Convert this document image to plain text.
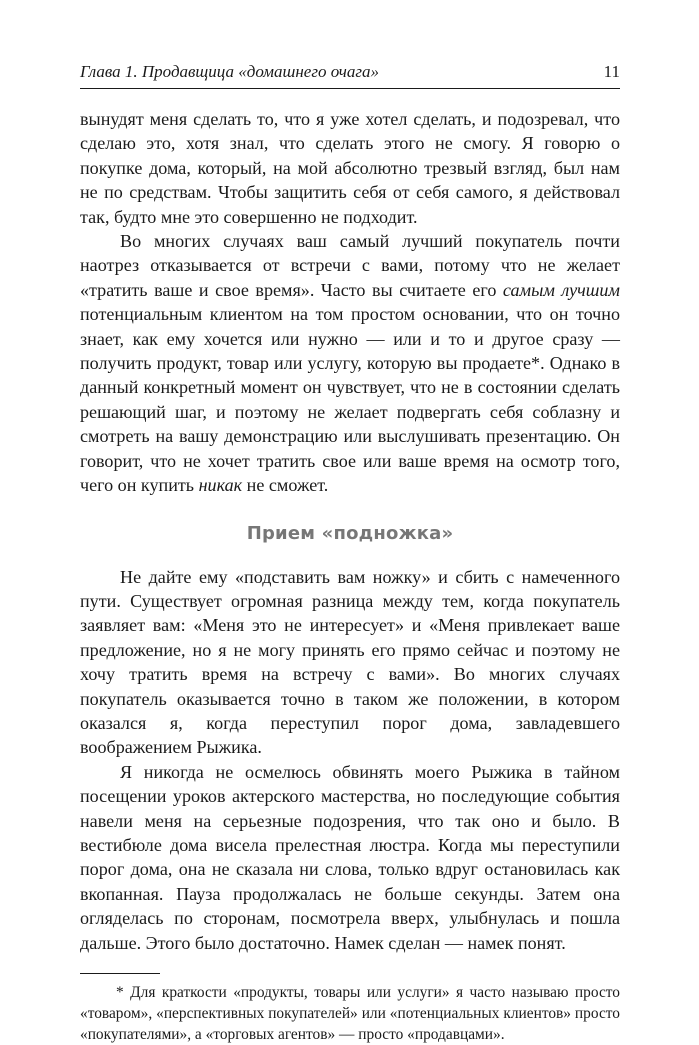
Глава 1. Продавщица «домашнего очага»	11

вынудят меня сделать то, что я уже хотел сделать, и подозревал, что сделаю это, хотя знал, что сделать этого не смогу. Я говорю о покупке дома, который, на мой абсолютно трезвый взгляд, был нам не по средствам. Чтобы защитить себя от себя самого, я действовал так, будто мне это совершенно не подходит.

Во многих случаях ваш самый лучший покупатель почти наотрез отказывается от встречи с вами, потому что не желает «тратить ваше и свое время». Часто вы считаете его самым лучшим потенциальным клиентом на том простом основании, что он точно знает, как ему хочется или нужно — или и то и другое сразу — получить продукт, товар или услугу, которую вы продаете*. Однако в данный конкретный момент он чувствует, что не в состоянии сделать решающий шаг, и поэтому не желает подвергать себя соблазну и смотреть на вашу демонстрацию или выслушивать презентацию. Он говорит, что не хочет тратить свое или ваше время на осмотр того, чего он купить никак не сможет.

Прием «подножка»

Не дайте ему «подставить вам ножку» и сбить с намеченного пути. Существует огромная разница между тем, когда покупатель заявляет вам: «Меня это не интересует» и «Меня привлекает ваше предложение, но я не могу принять его прямо сейчас и поэтому не хочу тратить время на встречу с вами». Во многих случаях покупатель оказывается точно в таком же положении, в котором оказался я, когда переступил порог дома, завладевшего воображением Рыжика.

Я никогда не осмелюсь обвинять моего Рыжика в тайном посещении уроков актерского мастерства, но последующие события навели меня на серьезные подозрения, что так оно и было. В вестибюле дома висела прелестная люстра. Когда мы переступили порог дома, она не сказала ни слова, только вдруг остановилась как вкопанная. Пауза продолжалась не больше секунды. Затем она огляделась по сторонам, посмотрела вверх, улыбнулась и пошла дальше. Этого было достаточно. Намек сделан — намек понят.

* Для краткости «продукты, товары или услуги» я часто называю просто «товаром», «перспективных покупателей» или «потенциальных клиентов» просто «покупателями», а «торговых агентов» — просто «продавцами».
